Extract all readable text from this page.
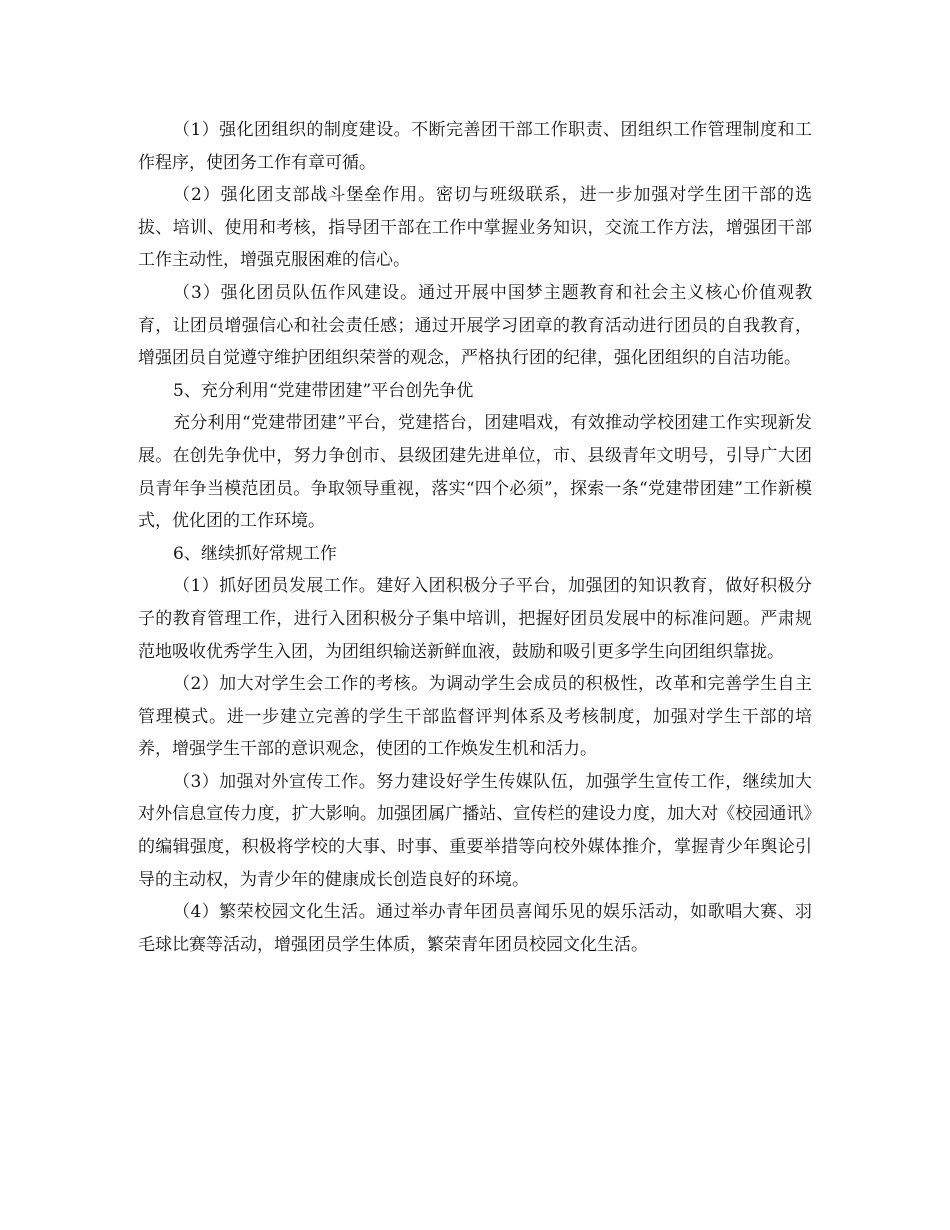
（1）强化团组织的制度建设。不断完善团干部工作职责、团组织工作管理制度和工作程序，使团务工作有章可循。

（2）强化团支部战斗堡垒作用。密切与班级联系，进一步加强对学生团干部的选拔、培训、使用和考核，指导团干部在工作中掌握业务知识，交流工作方法，增强团干部工作主动性，增强克服困难的信心。

（3）强化团员队伍作风建设。通过开展中国梦主题教育和社会主义核心价值观教育，让团员增强信心和社会责任感；通过开展学习团章的教育活动进行团员的自我教育，增强团员自觉遵守维护团组织荣誉的观念，严格执行团的纪律，强化团组织的自洁功能。

5、充分利用“党建带团建”平台创先争优

充分利用“党建带团建”平台，党建搭台，团建唱戏，有效推动学校团建工作实现新发展。在创先争优中，努力争创市、县级团建先进单位，市、县级青年文明号，引导广大团员青年争当模范团员。争取领导重视，落实“四个必须”，探索一条“党建带团建”工作新模式，优化团的工作环境。

6、继续抓好常规工作

（1）抓好团员发展工作。建好入团积极分子平台，加强团的知识教育，做好积极分子的教育管理工作，进行入团积极分子集中培训，把握好团员发展中的标准问题。严肃规范地吸收优秀学生入团，为团组织输送新鲜血液，鼓励和吸引更多学生向团组织靠拢。

（2）加大对学生会工作的考核。为调动学生会成员的积极性，改革和完善学生自主管理模式。进一步建立完善的学生干部监督评判体系及考核制度，加强对学生干部的培养，增强学生干部的意识观念，使团的工作焕发生机和活力。

（3）加强对外宣传工作。努力建设好学生传媒队伍，加强学生宣传工作，继续加大对外信息宣传力度，扩大影响。加强团属广播站、宣传栏的建设力度，加大对《校园通讯》的编辑强度，积极将学校的大事、时事、重要举措等向校外媒体推介，掌握青少年舆论引导的主动权，为青少年的健康成长创造良好的环境。

（4）繁荣校园文化生活。通过举办青年团员喜闻乐见的娱乐活动，如歌唱大赛、羽毛球比赛等活动，增强团员学生体质，繁荣青年团员校园文化生活。
